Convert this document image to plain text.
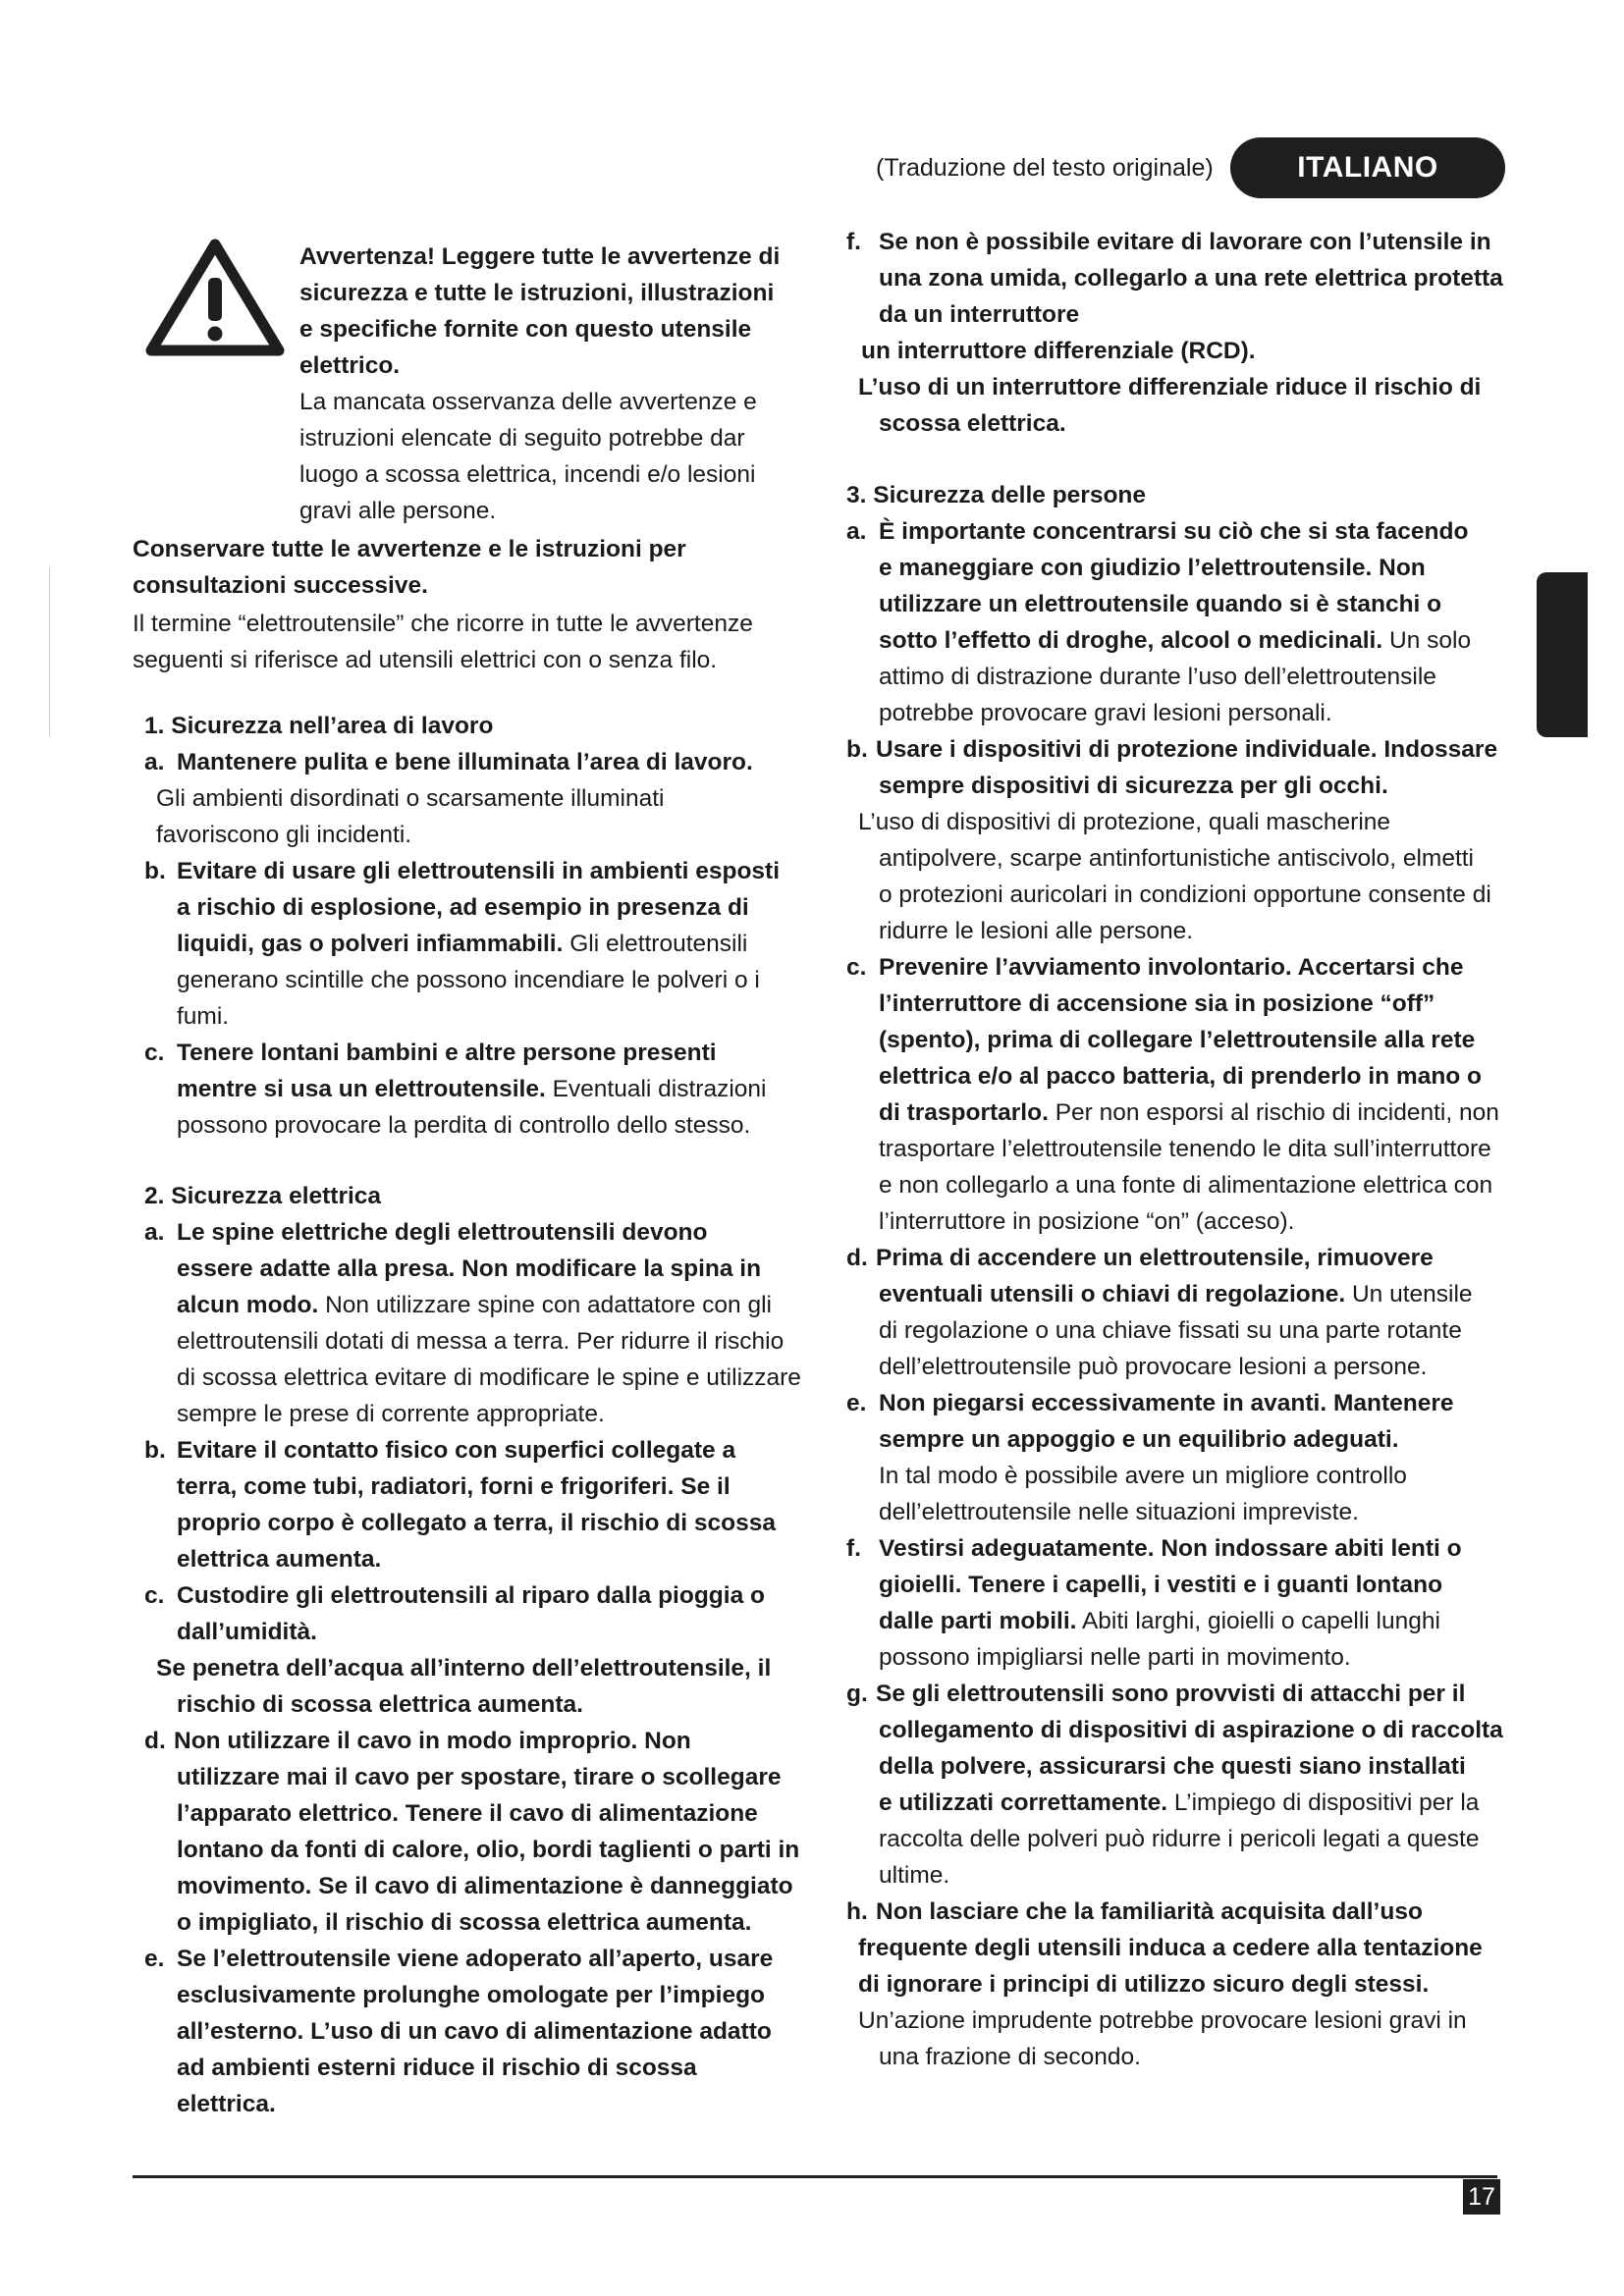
(Traduzione del testo originale)	ITALIANO

Avvertenza! Leggere tutte le avvertenze di

sicurezza e tutte le istruzioni, illustrazioni

e specifiche fornite con questo utensile

elettrico.

La mancata osservanza delle avvertenze e

istruzioni elencate di seguito potrebbe dar

luogo a scossa elettrica, incendi e/o lesioni

gravi alle persone.

Conservare tutte le avvertenze e le istruzioni per

consultazioni successive.

Il termine “elettroutensile” che ricorre in tutte le avvertenze

seguenti si riferisce ad utensili elettrici con o senza filo.

1. Sicurezza nell’area di lavoro

a. Mantenere pulita e bene illuminata l’area di lavoro.

Gli ambienti disordinati o scarsamente illuminati

favoriscono gli incidenti.

b. Evitare di usare gli elettroutensili in ambienti esposti

a rischio di esplosione, ad esempio in presenza di

liquidi, gas o polveri infiammabili. Gli elettroutensili

generano scintille che possono incendiare le polveri o i

fumi.

c. Tenere lontani bambini e altre persone presenti

mentre si usa un elettroutensile. Eventuali distrazioni

possono provocare la perdita di controllo dello stesso.

2. Sicurezza elettrica

a. Le spine elettriche degli elettroutensili devono

essere adatte alla presa. Non modificare la spina in

alcun modo. Non utilizzare spine con adattatore con gli

elettroutensili dotati di messa a terra. Per ridurre il rischio

di scossa elettrica evitare di modificare le spine e utilizzare

sempre le prese di corrente appropriate.

b. Evitare il contatto fisico con superfici collegate a

terra, come tubi, radiatori, forni e frigoriferi. Se il

proprio corpo è collegato a terra, il rischio di scossa

elettrica aumenta.

c. Custodire gli elettroutensili al riparo dalla pioggia o

dall’umidità.

Se penetra dell’acqua all’interno dell’elettroutensile, il

rischio di scossa elettrica aumenta.

d. Non utilizzare il cavo in modo improprio. Non

utilizzare mai il cavo per spostare, tirare o scollegare

l’apparato elettrico. Tenere il cavo di alimentazione

lontano da fonti di calore, olio, bordi taglienti o parti in

movimento. Se il cavo di alimentazione è danneggiato

o impigliato, il rischio di scossa elettrica aumenta.

e. Se l’elettroutensile viene adoperato all’aperto, usare

esclusivamente prolunghe omologate per l’impiego

all’esterno. L’uso di un cavo di alimentazione adatto

ad ambienti esterni riduce il rischio di scossa

elettrica.

f. Se non è possibile evitare di lavorare con l’utensile in

una zona umida, collegarlo a una rete elettrica protetta

da un interruttore

un interruttore differenziale (RCD).

L’uso di un interruttore differenziale riduce il rischio di

scossa elettrica.

3. Sicurezza delle persone

a. È importante concentrarsi su ciò che si sta facendo

e maneggiare con giudizio l’elettroutensile. Non

utilizzare un elettroutensile quando si è stanchi o

sotto l’effetto di droghe, alcool o medicinali. Un solo

attimo di distrazione durante l’uso dell’elettroutensile

potrebbe provocare gravi lesioni personali.

b. Usare i dispositivi di protezione individuale. Indossare

sempre dispositivi di sicurezza per gli occhi.

L’uso di dispositivi di protezione, quali mascherine

antipolvere, scarpe antinfortunistiche antiscivolo, elmetti

o protezioni auricolari in condizioni opportune consente di

ridurre le lesioni alle persone.

c. Prevenire l’avviamento involontario. Accertarsi che

l’interruttore di accensione sia in posizione “off”

(spento), prima di collegare l’elettroutensile alla rete

elettrica e/o al pacco batteria, di prenderlo in mano o

di trasportarlo. Per non esporsi al rischio di incidenti, non

trasportare l’elettroutensile tenendo le dita sull’interruttore

e non collegarlo a una fonte di alimentazione elettrica con

l’interruttore in posizione “on” (acceso).

d. Prima di accendere un elettroutensile, rimuovere

eventuali utensili o chiavi di regolazione. Un utensile

di regolazione o una chiave fissati su una parte rotante

dell’elettroutensile può provocare lesioni a persone.

e. Non piegarsi eccessivamente in avanti. Mantenere

sempre un appoggio e un equilibrio adeguati.

In tal modo è possibile avere un migliore controllo

dell’elettroutensile nelle situazioni impreviste.

f. Vestirsi adeguatamente. Non indossare abiti lenti o

gioielli. Tenere i capelli, i vestiti e i guanti lontano

dalle parti mobili. Abiti larghi, gioielli o capelli lunghi

possono impigliarsi nelle parti in movimento.

g. Se gli elettroutensili sono provvisti di attacchi per il

collegamento di dispositivi di aspirazione o di raccolta

della polvere, assicurarsi che questi siano installati

e utilizzati correttamente. L’impiego di dispositivi per la

raccolta delle polveri può ridurre i pericoli legati a queste

ultime.

h. Non lasciare che la familiarità acquisita dall’uso

frequente degli utensili induca a cedere alla tentazione

di ignorare i principi di utilizzo sicuro degli stessi.

Un’azione imprudente potrebbe provocare lesioni gravi in

una frazione di secondo.

17
